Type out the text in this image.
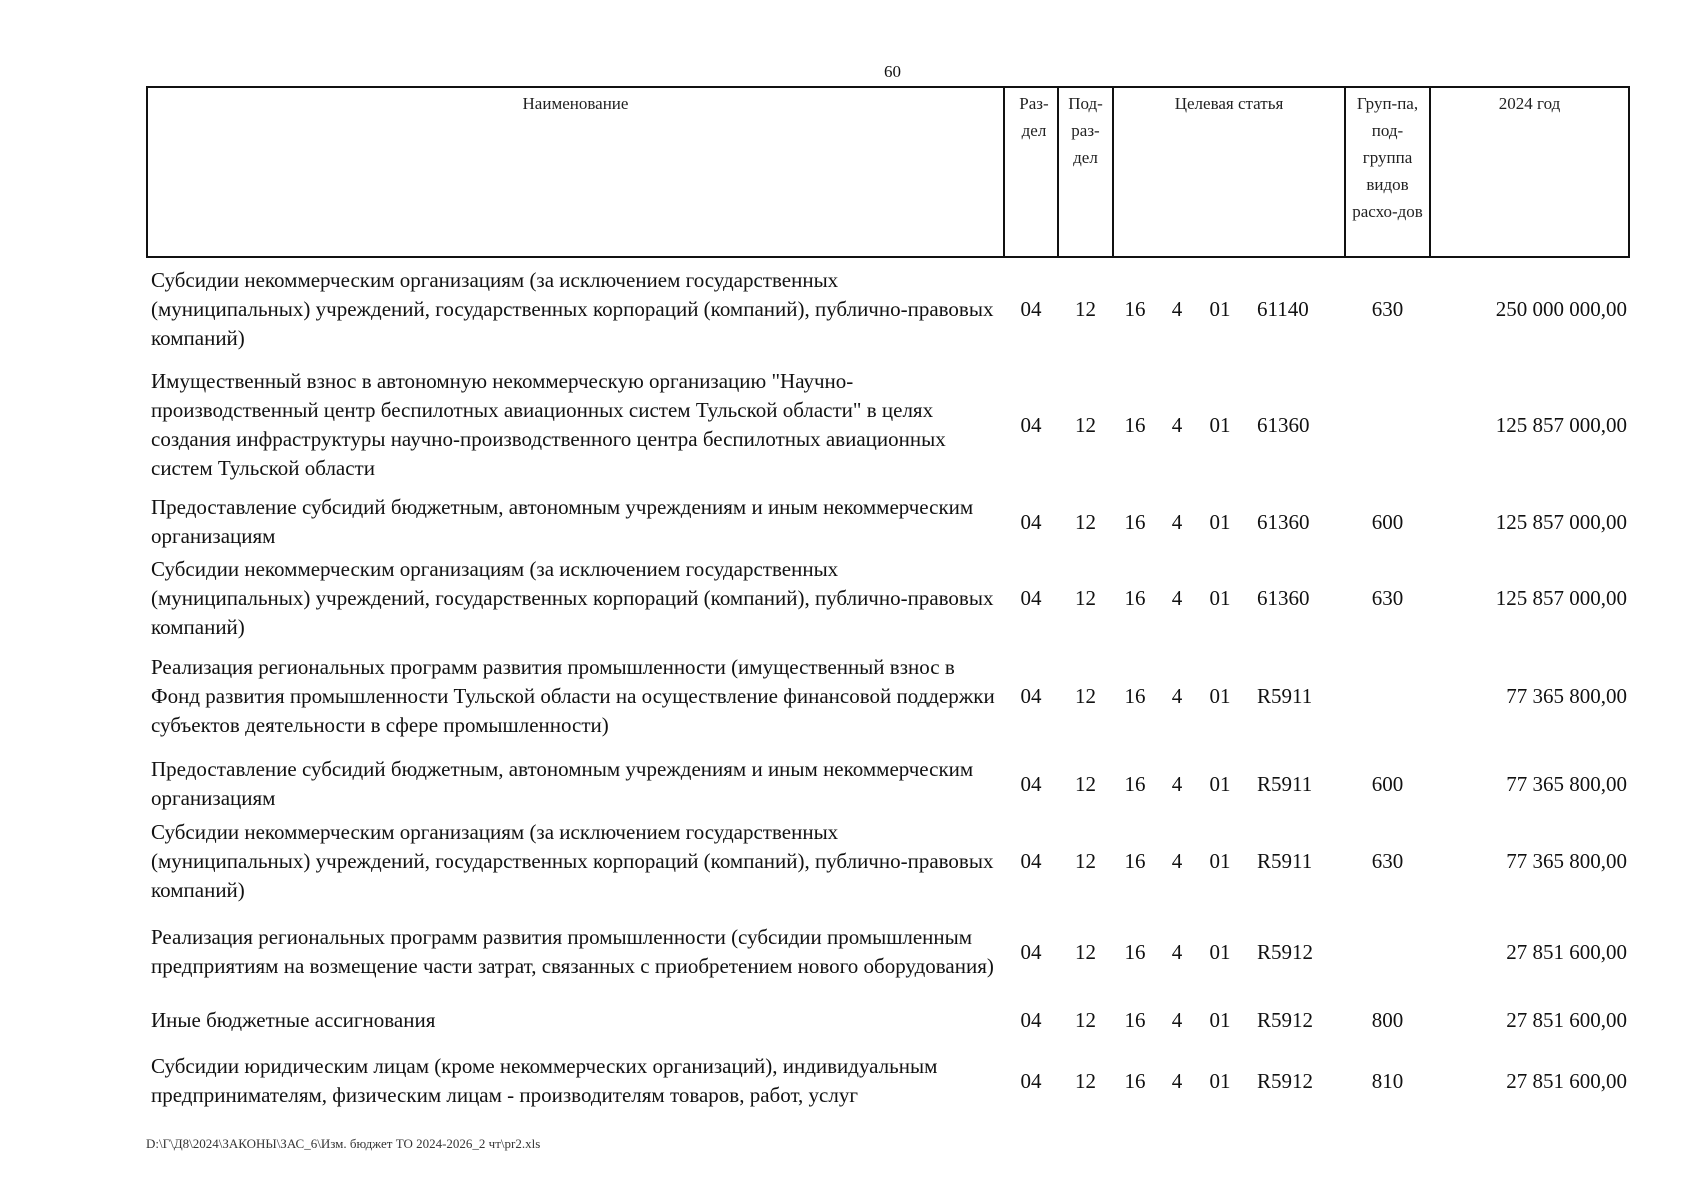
60
Наименование	Раз-дел	Под-раз-дел	Целевая статья				Груп-па, под-группа видов расхо-дов	2024 год
Субсидии некоммерческим организациям (за исключением государственных (муниципальных) учреждений, государственных корпораций (компаний), публично-правовых компаний)	04	12	16	4	01	61140	630	250 000 000,00
Имущественный взнос в автономную некоммерческую организацию "Научно-производственный центр беспилотных авиационных систем Тульской области" в целях создания инфраструктуры научно-производственного центра беспилотных авиационных систем Тульской области	04	12	16	4	01	61360		125 857 000,00
Предоставление субсидий бюджетным, автономным учреждениям и иным некоммерческим организациям	04	12	16	4	01	61360	600	125 857 000,00
Субсидии некоммерческим организациям (за исключением государственных (муниципальных) учреждений, государственных корпораций (компаний), публично-правовых компаний)	04	12	16	4	01	61360	630	125 857 000,00
Реализация региональных программ развития промышленности (имущественный взнос в Фонд развития промышленности Тульской области на осуществление финансовой поддержки субъектов деятельности в сфере промышленности)	04	12	16	4	01	R5911		77 365 800,00
Предоставление субсидий бюджетным, автономным учреждениям и иным некоммерческим организациям	04	12	16	4	01	R5911	600	77 365 800,00
Субсидии некоммерческим организациям (за исключением государственных (муниципальных) учреждений, государственных корпораций (компаний), публично-правовых компаний)	04	12	16	4	01	R5911	630	77 365 800,00
Реализация региональных программ развития промышленности (субсидии промышленным предприятиям на возмещение части затрат, связанных с приобретением нового оборудования)	04	12	16	4	01	R5912		27 851 600,00
Иные бюджетные ассигнования	04	12	16	4	01	R5912	800	27 851 600,00
Субсидии юридическим лицам (кроме некоммерческих организаций), индивидуальным предпринимателям, физическим лицам - производителям товаров, работ, услуг	04	12	16	4	01	R5912	810	27 851 600,00
D:\Г\Д8\2024\ЗАКОНЫ\ЗАС_6\Изм. бюджет ТО 2024-2026_2 чт\pr2.xls
